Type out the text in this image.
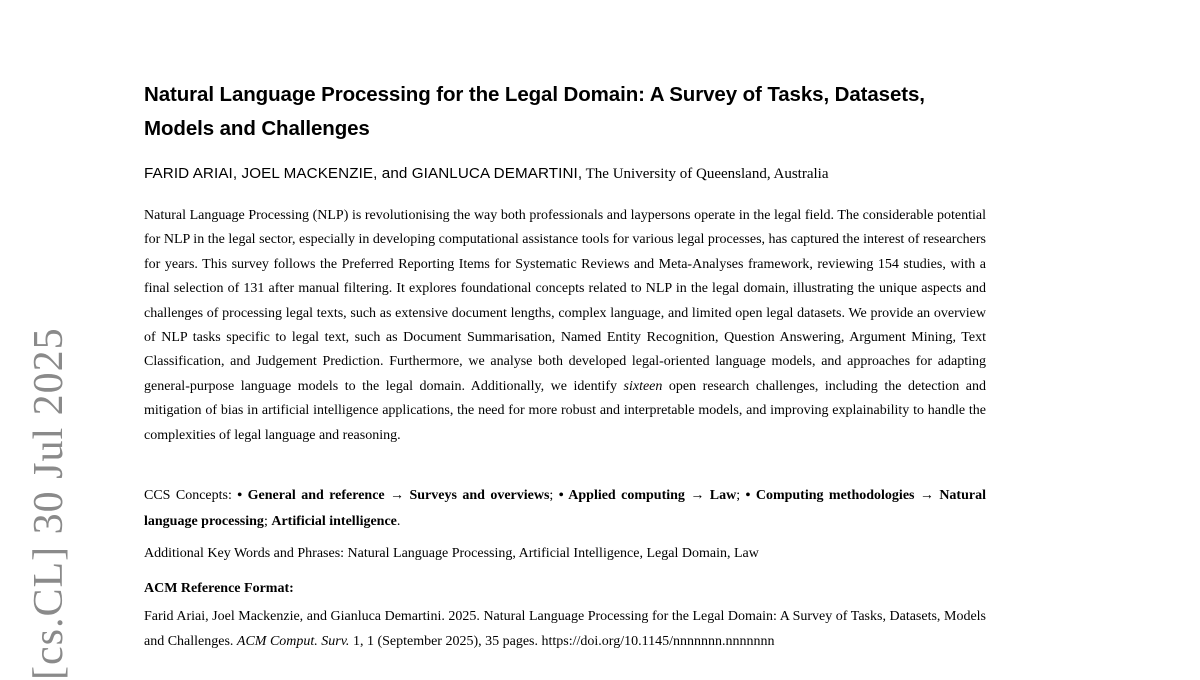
[cs.CL] 30 Jul 2025
Natural Language Processing for the Legal Domain: A Survey of Tasks, Datasets, Models and Challenges

FARID ARIAI, JOEL MACKENZIE, and GIANLUCA DEMARTINI, The University of Queensland, Australia

Natural Language Processing (NLP) is revolutionising the way both professionals and laypersons operate in the legal field. The considerable potential for NLP in the legal sector, especially in developing computational assistance tools for various legal processes, has captured the interest of researchers for years. This survey follows the Preferred Reporting Items for Systematic Reviews and Meta-Analyses framework, reviewing 154 studies, with a final selection of 131 after manual filtering. It explores foundational concepts related to NLP in the legal domain, illustrating the unique aspects and challenges of processing legal texts, such as extensive document lengths, complex language, and limited open legal datasets. We provide an overview of NLP tasks specific to legal text, such as Document Summarisation, Named Entity Recognition, Question Answering, Argument Mining, Text Classification, and Judgement Prediction. Furthermore, we analyse both developed legal-oriented language models, and approaches for adapting general-purpose language models to the legal domain. Additionally, we identify sixteen open research challenges, including the detection and mitigation of bias in artificial intelligence applications, the need for more robust and interpretable models, and improving explainability to handle the complexities of legal language and reasoning.

CCS Concepts: • General and reference → Surveys and overviews; • Applied computing → Law; • Computing methodologies → Natural language processing; Artificial intelligence.

Additional Key Words and Phrases: Natural Language Processing, Artificial Intelligence, Legal Domain, Law

ACM Reference Format:

Farid Ariai, Joel Mackenzie, and Gianluca Demartini. 2025. Natural Language Processing for the Legal Domain: A Survey of Tasks, Datasets, Models and Challenges. ACM Comput. Surv. 1, 1 (September 2025), 35 pages. https://doi.org/10.1145/nnnnnnn.nnnnnnn
